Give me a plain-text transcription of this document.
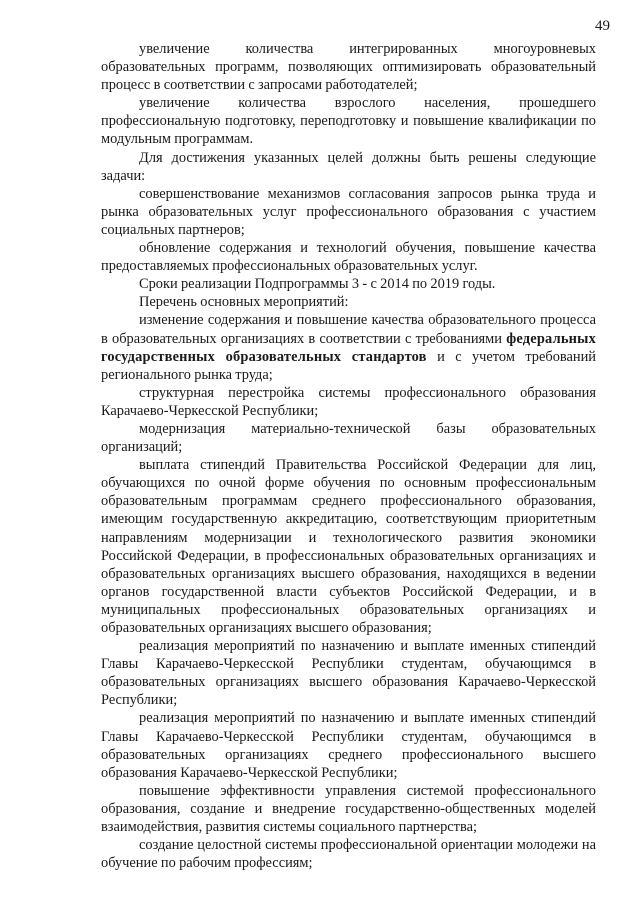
49

увеличение количества интегрированных многоуровневых образовательных программ, позволяющих оптимизировать образовательный процесс в соответствии с запросами работодателей;

увеличение количества взрослого населения, прошедшего профессиональную подготовку, переподготовку и повышение квалификации по модульным программам.

Для достижения указанных целей должны быть решены следующие задачи:

совершенствование механизмов согласования запросов рынка труда и рынка образовательных услуг профессионального образования с участием социальных партнеров;

обновление содержания и технологий обучения, повышение качества предоставляемых профессиональных образовательных услуг.

Сроки реализации Подпрограммы 3 - с 2014 по 2019 годы.

Перечень основных мероприятий:

изменение содержания и повышение качества образовательного процесса в образовательных организациях в соответствии с требованиями федеральных государственных образовательных стандартов и с учетом требований регионального рынка труда;

структурная перестройка системы профессионального образования Карачаево-Черкесской Республики;

модернизация материально-технической базы образовательных организаций;

выплата стипендий Правительства Российской Федерации для лиц, обучающихся по очной форме обучения по основным профессиональным образовательным программам среднего профессионального образования, имеющим государственную аккредитацию, соответствующим приоритетным направлениям модернизации и технологического развития экономики Российской Федерации, в профессиональных образовательных организациях и образовательных организациях высшего образования, находящихся в ведении органов государственной власти субъектов Российской Федерации, и в муниципальных профессиональных образовательных организациях и образовательных организациях высшего образования;

реализация мероприятий по назначению и выплате именных стипендий Главы Карачаево-Черкесской Республики студентам, обучающимся в образовательных организациях высшего образования Карачаево-Черкесской Республики;

реализация мероприятий по назначению и выплате именных стипендий Главы Карачаево-Черкесской Республики студентам, обучающимся в образовательных организациях среднего профессионального высшего образования Карачаево-Черкесской Республики;

повышение эффективности управления системой профессионального образования, создание и внедрение государственно-общественных моделей взаимодействия, развития системы социального партнерства;

создание целостной системы профессиональной ориентации молодежи на обучение по рабочим профессиям;
